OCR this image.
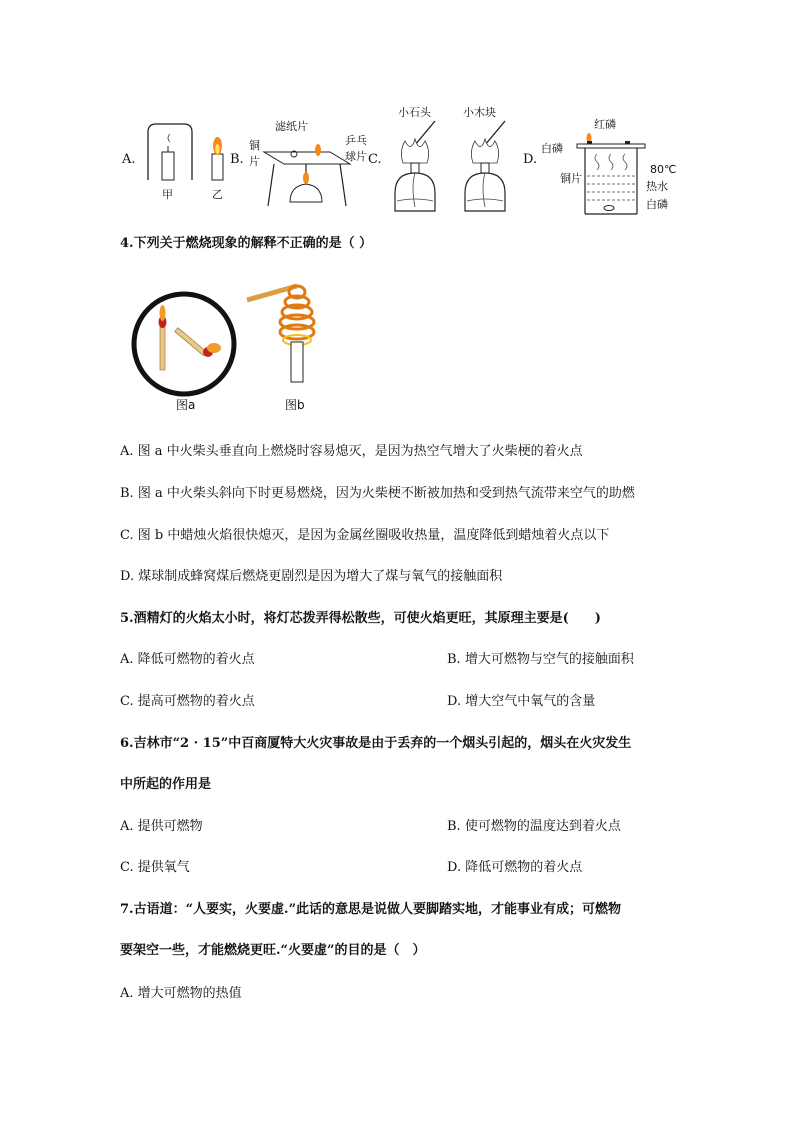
A.
甲	乙
B.
铜
片
滤纸片
乒乓
球片 C.
小石头	小木块
D.
红磷
白磷
铜片
80℃
热水
白磷
4.下列关于燃烧现象的解释不正确的是（ ）
图a	图b
A. 图 a 中火柴头垂直向上燃烧时容易熄灭，是因为热空气增大了火柴梗的着火点
B. 图 a 中火柴头斜向下时更易燃烧，因为火柴梗不断被加热和受到热气流带来空气的助燃
C. 图 b 中蜡烛火焰很快熄灭，是因为金属丝圈吸收热量，温度降低到蜡烛着火点以下
D. 煤球制成蜂窝煤后燃烧更剧烈是因为增大了煤与氧气的接触面积
5.酒精灯的火焰太小时，将灯芯拨弄得松散些，可使火焰更旺，其原理主要是(　　)
A. 降低可燃物的着火点	B. 增大可燃物与空气的接触面积
C. 提高可燃物的着火点	D. 增大空气中氧气的含量
6.吉林市“2 · 15”中百商厦特大火灾事故是由于丢弃的一个烟头引起的，烟头在火灾发生
中所起的作用是
A. 提供可燃物	B. 使可燃物的温度达到着火点
C. 提供氧气	D. 降低可燃物的着火点
7.古语道：“人要实，火要虚.”此话的意思是说做人要脚踏实地，才能事业有成；可燃物
要架空一些，才能燃烧更旺.“火要虚”的目的是（　）
A. 增大可燃物的热值
